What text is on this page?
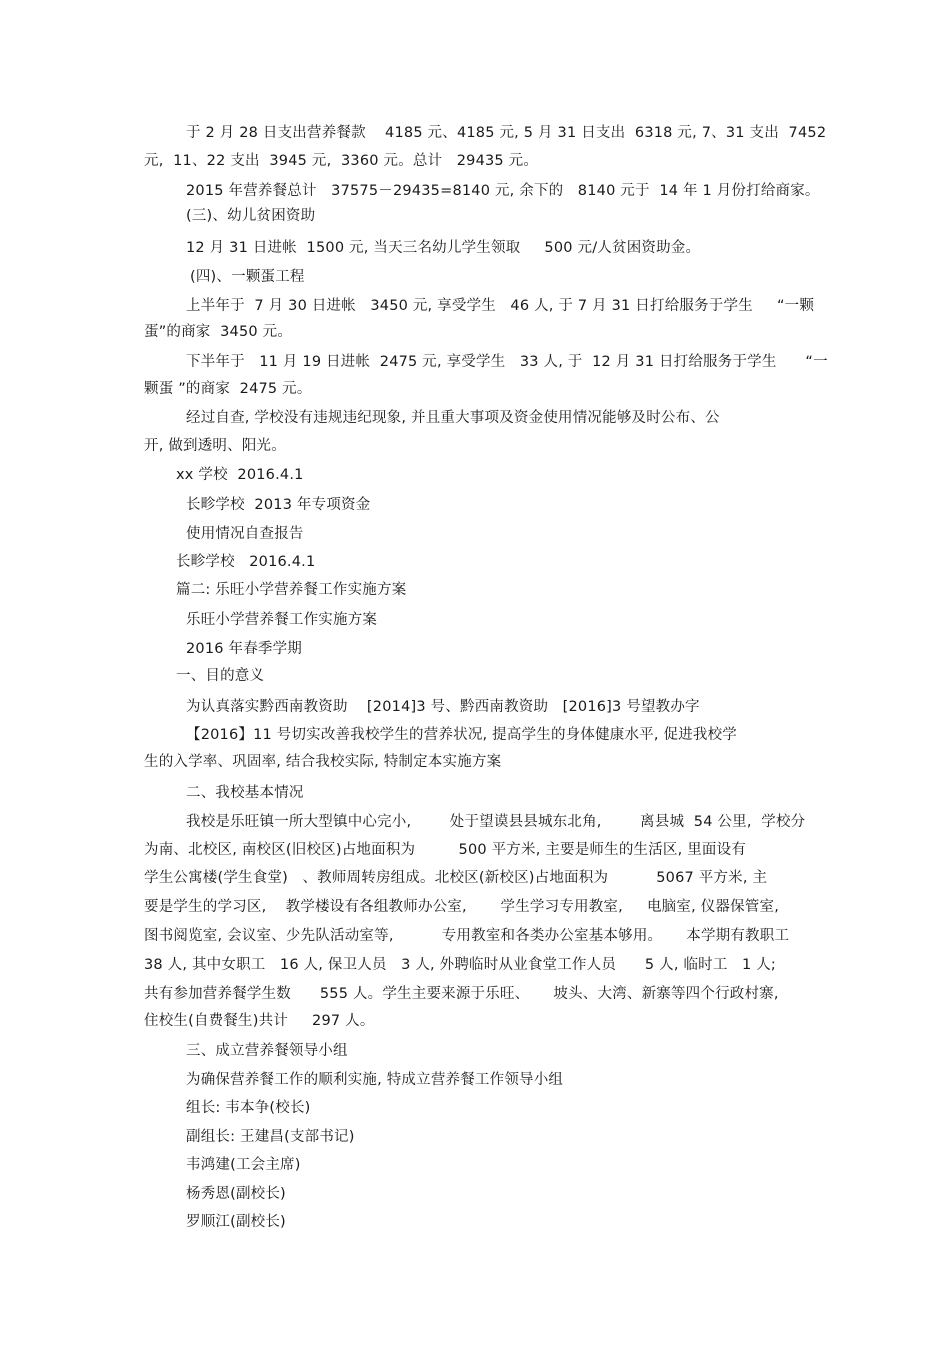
于 2 月 28 日支出营养餐款    4185 元、4185 元, 5 月 31 日支出  6318 元, 7、31 支出  7452
元,  11、22 支出  3945 元,  3360 元。总计   29435 元。
2015 年营养餐总计   37575－29435=8140 元, 余下的   8140 元于  14 年 1 月份打给商家。
(三)、幼儿贫困资助
12 月 31 日进帐  1500 元, 当天三名幼儿学生领取     500 元/人贫困资助金。
(四)、一颗蛋工程
上半年于  7 月 30 日进帐   3450 元, 享受学生   46 人, 于 7 月 31 日打给服务于学生     “一颗
蛋”的商家  3450 元。
下半年于   11 月 19 日进帐  2475 元, 享受学生   33 人, 于  12 月 31 日打给服务于学生      “一
颗蛋 ”的商家  2475 元。
经过自查, 学校没有违规违纪现象, 并且重大事项及资金使用情况能够及时公布、公
开, 做到透明、阳光。
xx 学校  2016.4.1
长畛学校  2013 年专项资金
使用情况自查报告
长畛学校   2016.4.1
篇二: 乐旺小学营养餐工作实施方案
乐旺小学营养餐工作实施方案
2016 年春季学期
一、目的意义
为认真落实黔西南教资助    [2014]3 号、黔西南教资助   [2016]3 号望教办字
【2016】11 号切实改善我校学生的营养状况, 提高学生的身体健康水平, 促进我校学
生的入学率、巩固率, 结合我校实际, 特制定本实施方案
二、我校基本情况
我校是乐旺镇一所大型镇中心完小,        处于望谟县县城东北角,        离县城  54 公里,  学校分
为南、北校区, 南校区(旧校区)占地面积为         500 平方米, 主要是师生的生活区, 里面设有
学生公寓楼(学生食堂)   、教师周转房组成。北校区(新校区)占地面积为          5067 平方米, 主
要是学生的学习区,    教学楼设有各组教师办公室,       学生学习专用教室,     电脑室, 仪器保管室,
图书阅览室, 会议室、少先队活动室等,          专用教室和各类办公室基本够用。     本学期有教职工
38 人, 其中女职工   16 人, 保卫人员   3 人, 外聘临时从业食堂工作人员      5 人, 临时工   1 人;
共有参加营养餐学生数      555 人。学生主要来源于乐旺、     坡头、大湾、新寨等四个行政村寨,
住校生(自费餐生)共计     297 人。
三、成立营养餐领导小组
为确保营养餐工作的顺利实施, 特成立营养餐工作领导小组
组长: 韦本争(校长)
副组长: 王建昌(支部书记)
韦鸿建(工会主席)
杨秀恩(副校长)
罗顺江(副校长)
